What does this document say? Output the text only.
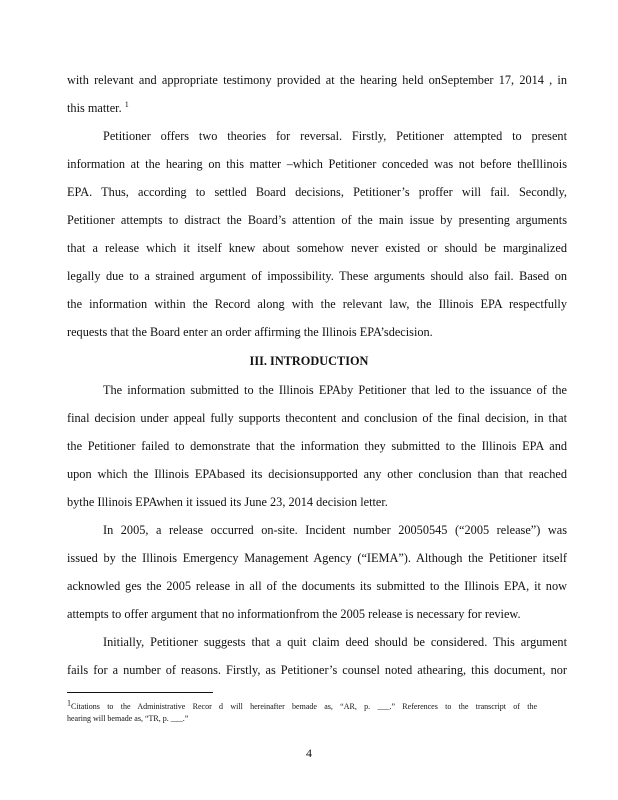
with relevant and appropriate testimony provided at the hearing held onSeptember 17, 2014 , in
this matter. $^1$
Petitioner offers two theories for reversal. Firstly, Petitioner attempted to present
information at the hearing on this matter –which Petitioner conceded was not before theIllinois
EPA. Thus, according to settled Board decisions, Petitioner’s proffer will fail. Secondly,
Petitioner attempts to distract the Board’s attention of the main issue by presenting arguments
that a release which it itself knew about somehow never existed or should be marginalized
legally due to a strained argument of impossibility. These arguments should also fail. Based on
the information within the Record along with the relevant law, the Illinois EPA respectfully
requests that the Board enter an order affirming the Illinois EPA’sdecision.
III. INTRODUCTION
The information submitted to the Illinois EPAby Petitioner that led to the issuance of the
final decision under appeal fully supports thecontent and conclusion of the final decision, in that
the Petitioner failed to demonstrate that the information they submitted to the Illinois EPA and
upon which the Illinois EPAbased its decisionsupported any other conclusion than that reached
bythe Illinois EPAwhen it issued its June 23, 2014 decision letter.
In 2005, a release occurred on-site. Incident number 20050545 (“2005 release”) was
issued by the Illinois Emergency Management Agency (“IEMA”). Although the Petitioner itself
acknowled ges the 2005 release in all of the documents its submitted to the Illinois EPA, it now
attempts to offer argument that no informationfrom the 2005 release is necessary for review.
Initially, Petitioner suggests that a quit claim deed should be considered. This argument
fails for a number of reasons. Firstly, as Petitioner’s counsel noted athearing, this document, nor
$^1$Citations to the Administrative Recor d will hereinafter bemade as, “AR, p. ___.” References to the transcript of the
hearing will bemade as, “TR, p. ___.”
4
